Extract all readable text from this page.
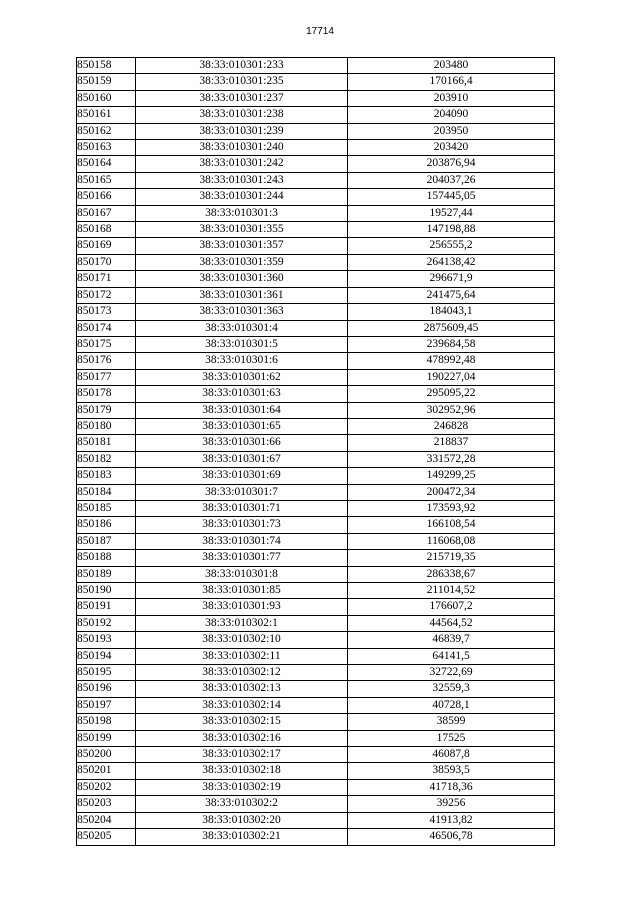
17714
850158	38:33:010301:233	203480
850159	38:33:010301:235	170166,4
850160	38:33:010301:237	203910
850161	38:33:010301:238	204090
850162	38:33:010301:239	203950
850163	38:33:010301:240	203420
850164	38:33:010301:242	203876,94
850165	38:33:010301:243	204037,26
850166	38:33:010301:244	157445,05
850167	38:33:010301:3	19527,44
850168	38:33:010301:355	147198,88
850169	38:33:010301:357	256555,2
850170	38:33:010301:359	264138,42
850171	38:33:010301:360	296671,9
850172	38:33:010301:361	241475,64
850173	38:33:010301:363	184043,1
850174	38:33:010301:4	2875609,45
850175	38:33:010301:5	239684,58
850176	38:33:010301:6	478992,48
850177	38:33:010301:62	190227,04
850178	38:33:010301:63	295095,22
850179	38:33:010301:64	302952,96
850180	38:33:010301:65	246828
850181	38:33:010301:66	218837
850182	38:33:010301:67	331572,28
850183	38:33:010301:69	149299,25
850184	38:33:010301:7	200472,34
850185	38:33:010301:71	173593,92
850186	38:33:010301:73	166108,54
850187	38:33:010301:74	116068,08
850188	38:33:010301:77	215719,35
850189	38:33:010301:8	286338,67
850190	38:33:010301:85	211014,52
850191	38:33:010301:93	176607,2
850192	38:33:010302:1	44564,52
850193	38:33:010302:10	46839,7
850194	38:33:010302:11	64141,5
850195	38:33:010302:12	32722,69
850196	38:33:010302:13	32559,3
850197	38:33:010302:14	40728,1
850198	38:33:010302:15	38599
850199	38:33:010302:16	17525
850200	38:33:010302:17	46087,8
850201	38:33:010302:18	38593,5
850202	38:33:010302:19	41718,36
850203	38:33:010302:2	39256
850204	38:33:010302:20	41913,82
850205	38:33:010302:21	46506,78
